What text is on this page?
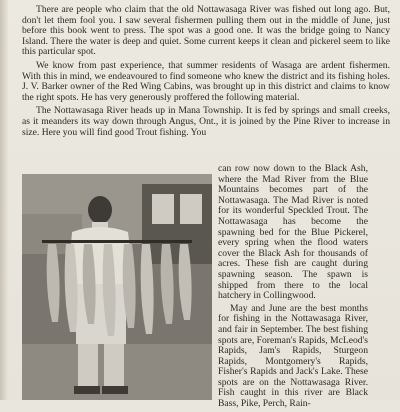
There are people who claim that the old Nottawasaga River was fished out long ago. But, don't let them fool you. I saw several fishermen pulling them out in the middle of June, just before this book went to press. The spot was a good one. It was the bridge going to Nancy Island. There the water is deep and quiet. Some current keeps it clean and pickerel seem to like this particular spot.

We know from past experience, that summer residents of Wasaga are ardent fishermen. With this in mind, we endeavoured to find someone who knew the district and its fishing holes. J. V. Barker owner of the Red Wing Cabins, was brought up in this district and claims to know the right spots. He has very generously proffered the following material.

The Nottawasaga River heads up in Mana Township. It is fed by springs and small creeks, as it meanders its way down through Angus, Ont., it is joined by the Pine River to increase in size. Here you will find good Trout fishing. You

can row now down to the Black Ash, where the Mad River from the Blue Mountains becomes part of the Nottawasaga. The Mad River is noted for its wonderful Speckled Trout. The Nottawasaga has become the spawning bed for the Blue Pickerel, every spring when the flood waters cover the Black Ash for thousands of acres. These fish are caught during spawning season. The spawn is shipped from there to the local hatchery in Collingwood.

May and June are the best months for fishing in the Nottawasaga River, and fair in September. The best fishing spots are, Foreman's Rapids, McLeod's Rapids, Jam's Rapids, Sturgeon Rapids, Montgomery's Rapids, Fisher's Rapids and Jack's Lake. These spots are on the Nottawasaga River. Fish caught in this river are Black Bass, Pike, Perch, Rain-
